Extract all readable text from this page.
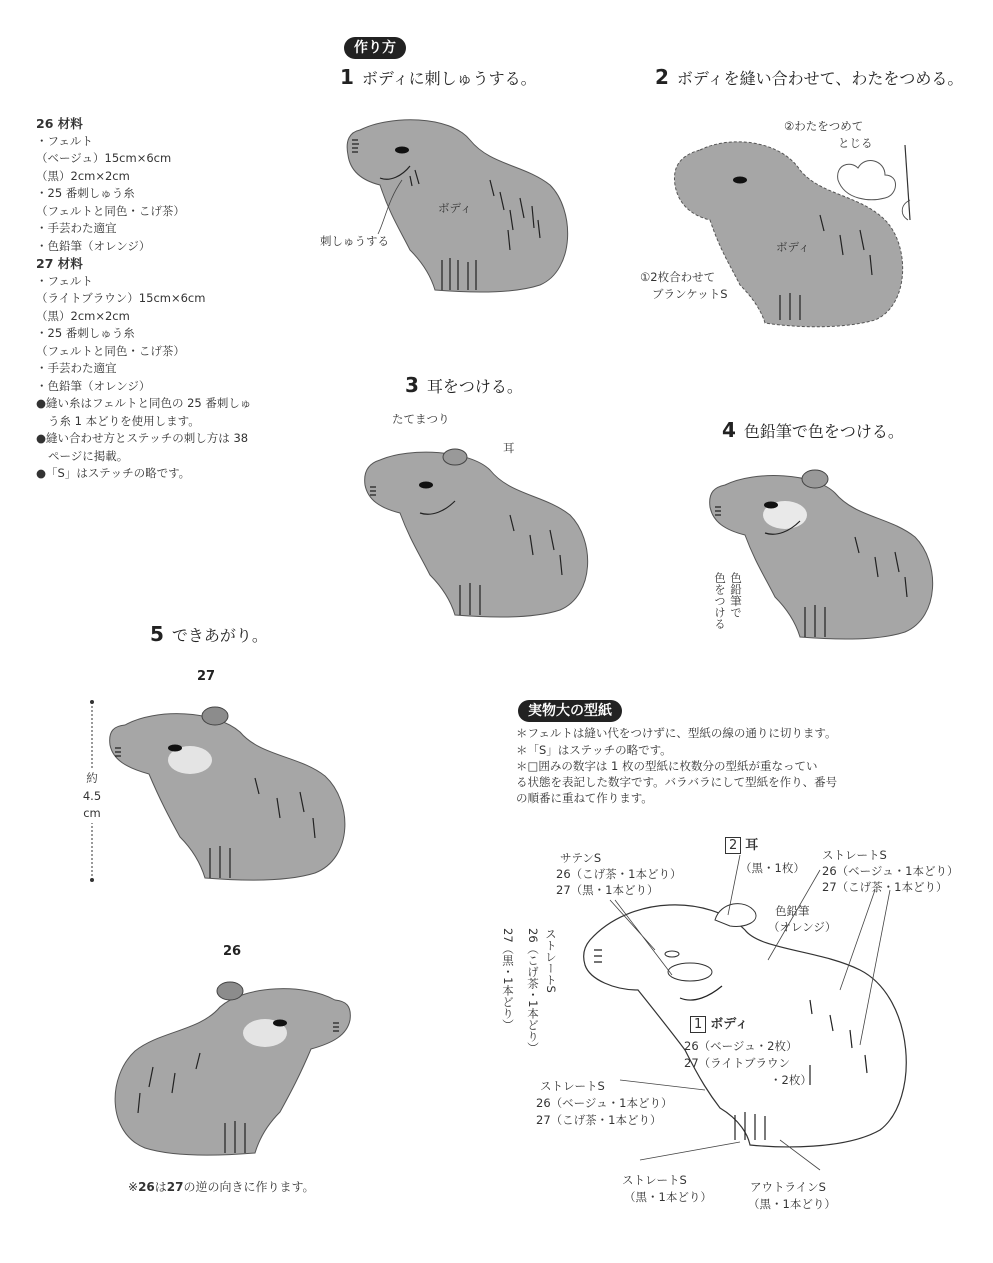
作り方
26 材料
・フェルト
（ベージュ）15cm×6cm
（黒）2cm×2cm
・25 番刺しゅう糸
（フェルトと同色・こげ茶）
・手芸わた適宜
・色鉛筆（オレンジ）
27 材料
・フェルト
（ライトブラウン）15cm×6cm
（黒）2cm×2cm
・25 番刺しゅう糸
（フェルトと同色・こげ茶）
・手芸わた適宜
・色鉛筆（オレンジ）
●縫い糸はフェルトと同色の 25 番刺しゅ
う糸 1 本どりを使用します。
●縫い合わせ方とステッチの刺し方は 38
ページに掲載。
●「S」はステッチの略です。
1 ボディに刺しゅうする。
ボディ
刺しゅうする
2 ボディを縫い合わせて、わたをつめる。
②わたをつめて
とじる
ボディ
①2枚合わせて
ブランケットS
3 耳をつける。
たてまつり
耳
4 色鉛筆で色をつける。
色鉛筆で
色をつける
5 できあがり。
27
約
4.5
cm
26
※26は27の逆の向きに作ります。
実物大の型紙
＊フェルトは縫い代をつけずに、型紙の線の通りに切ります。
＊「S」はステッチの略です。
＊□囲みの数字は 1 枚の型紙に枚数分の型紙が重なってい
る状態を表記した数字です。バラバラにして型紙を作り、番号
の順番に重ねて作ります。
サテンS
26（こげ茶・1本どり）
27（黒・1本どり）
2 耳
（黒・1枚）
ストレートS
26（ベージュ・1本どり）
27（こげ茶・1本どり）
色鉛筆
（オレンジ）
ストレートS
26（こげ茶・1本どり）
27（黒・1本どり）	1 ボディ
26（ベージュ・2枚）
27（ライトブラウン
・2枚）
ストレートS
26（ベージュ・1本どり）
27（こげ茶・1本どり）
ストレートS
（黒・1本どり）
アウトラインS
（黒・1本どり）
